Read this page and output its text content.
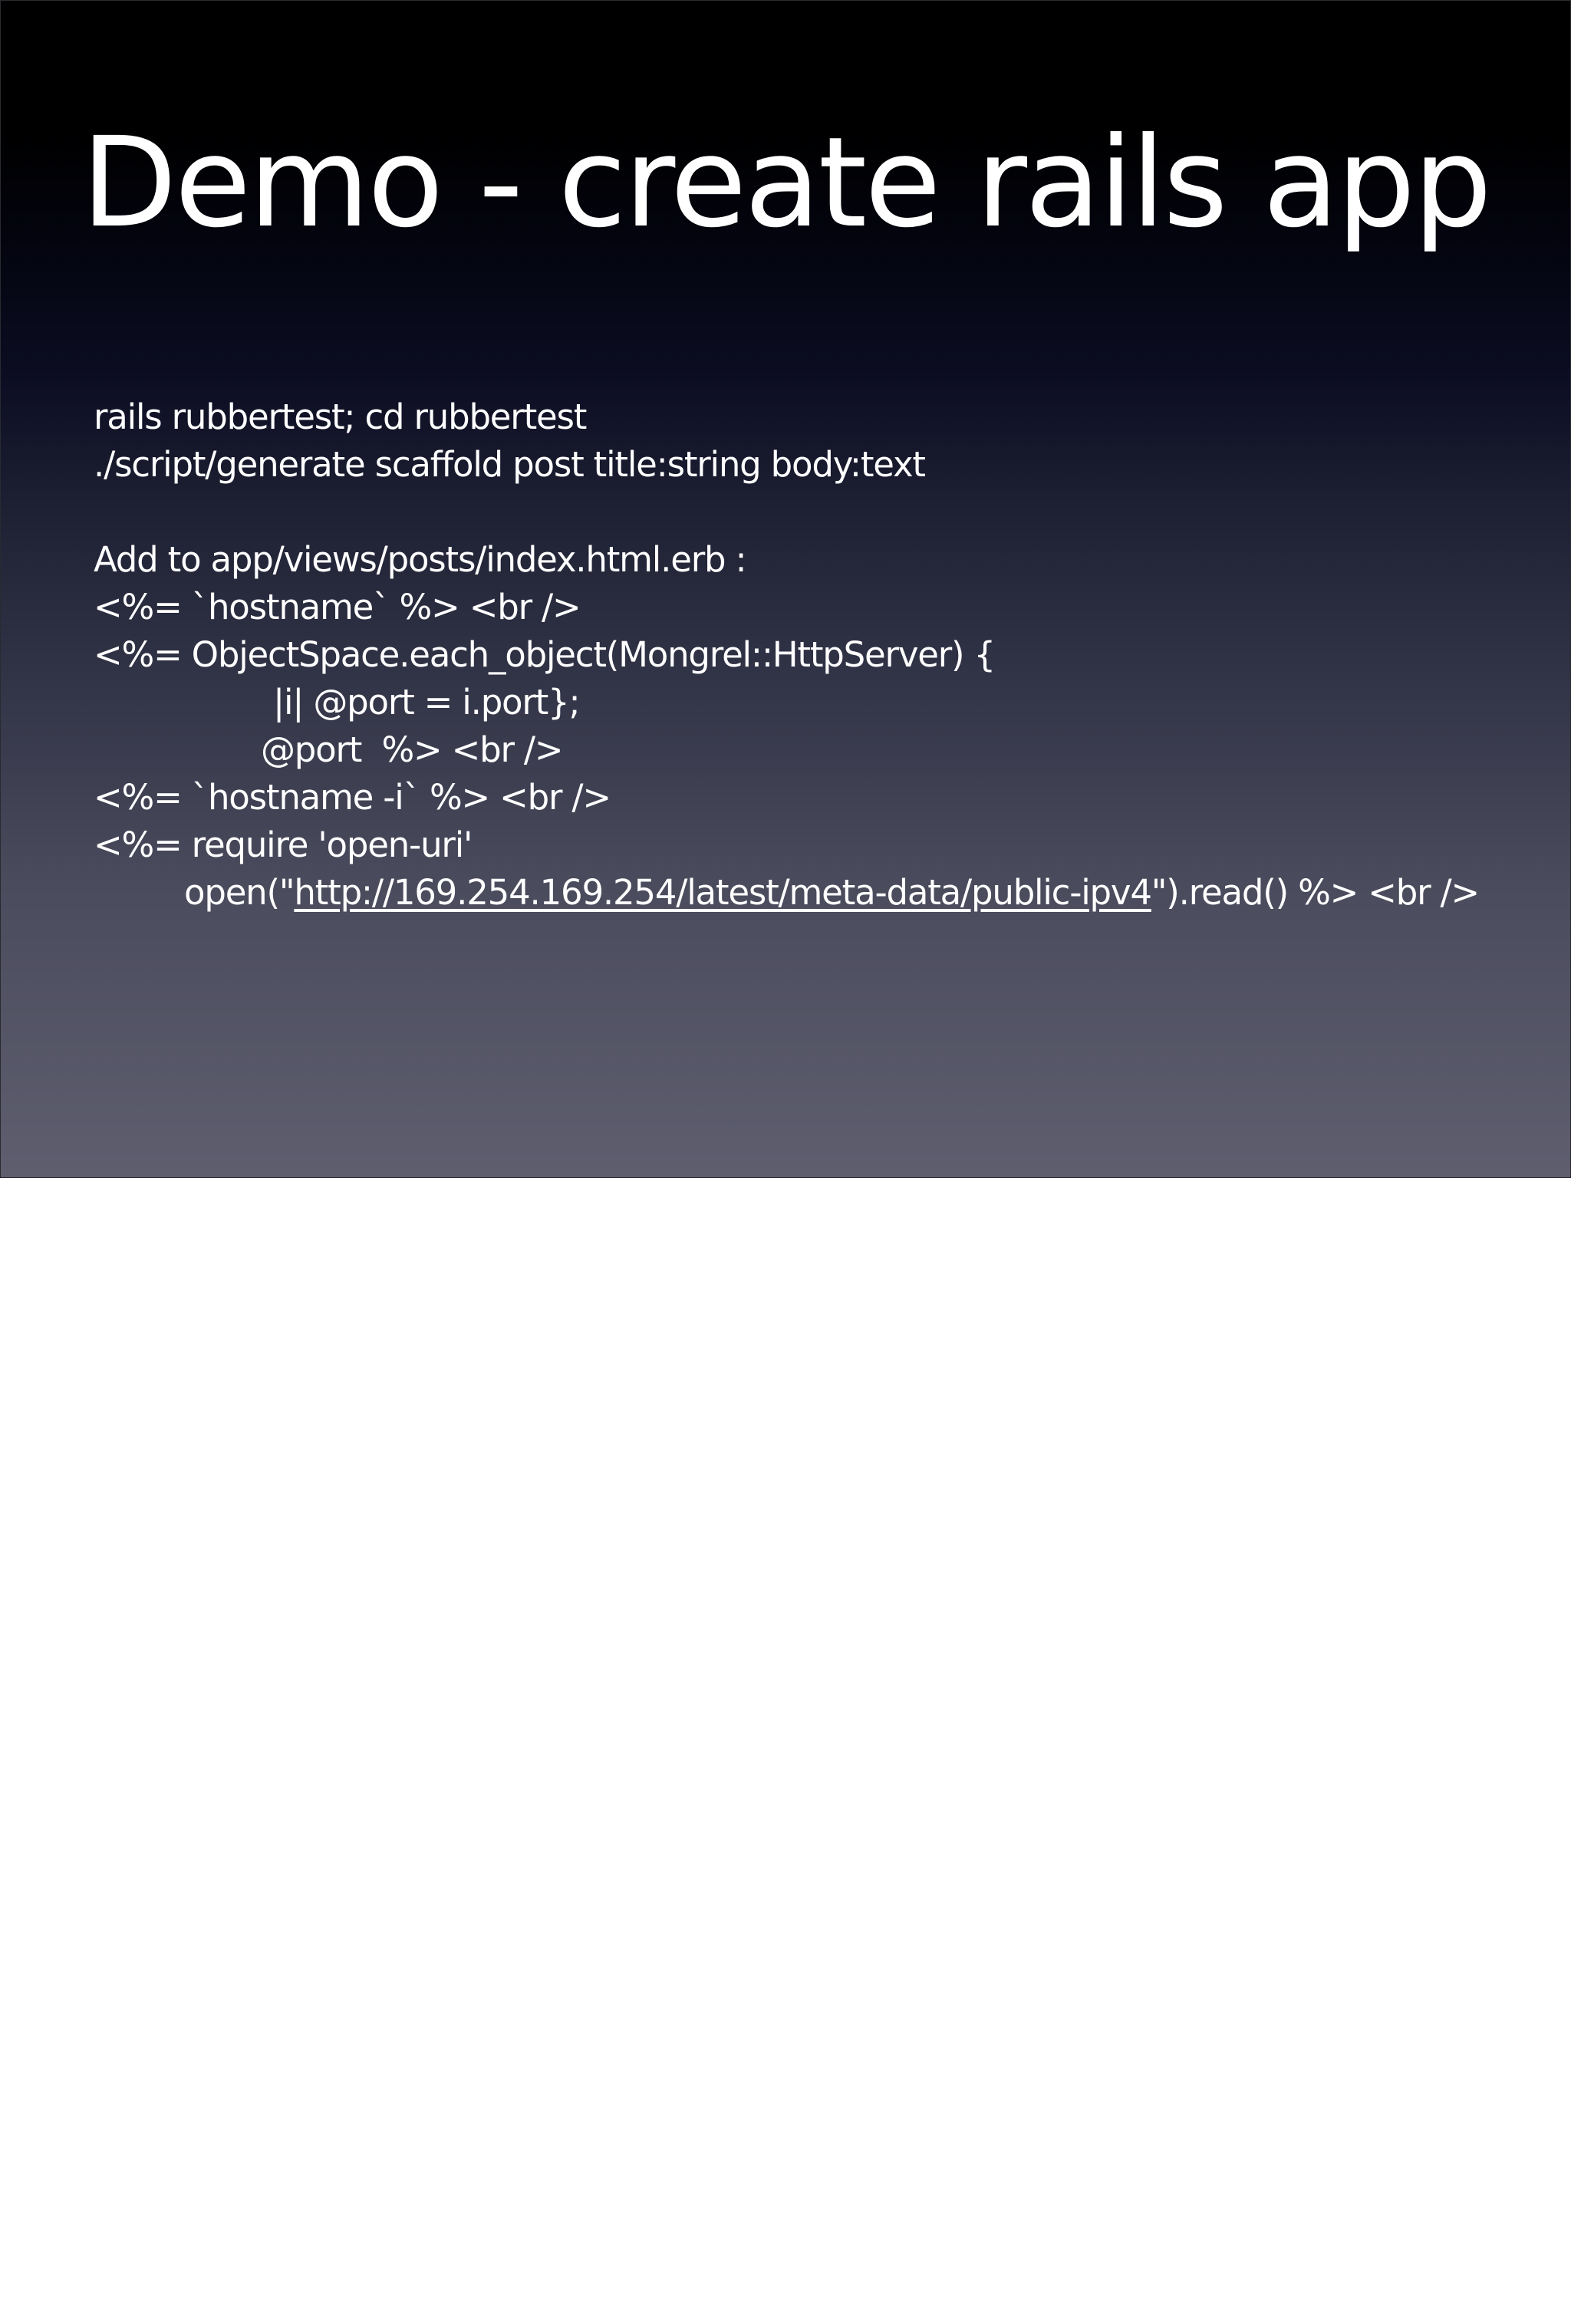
Demo - create rails app
rails rubbertest; cd rubbertest
./script/generate scaffold post title:string body:text
Add to app/views/posts/index.html.erb :
<%= `hostname` %> <br />
<%= ObjectSpace.each_object(Mongrel::HttpServer) {
|i| @port = i.port};
@port  %> <br />
<%= `hostname -i` %> <br />
<%= require 'open-uri'
open("http://169.254.169.254/latest/meta-data/public-ipv4").read() %> <br />
